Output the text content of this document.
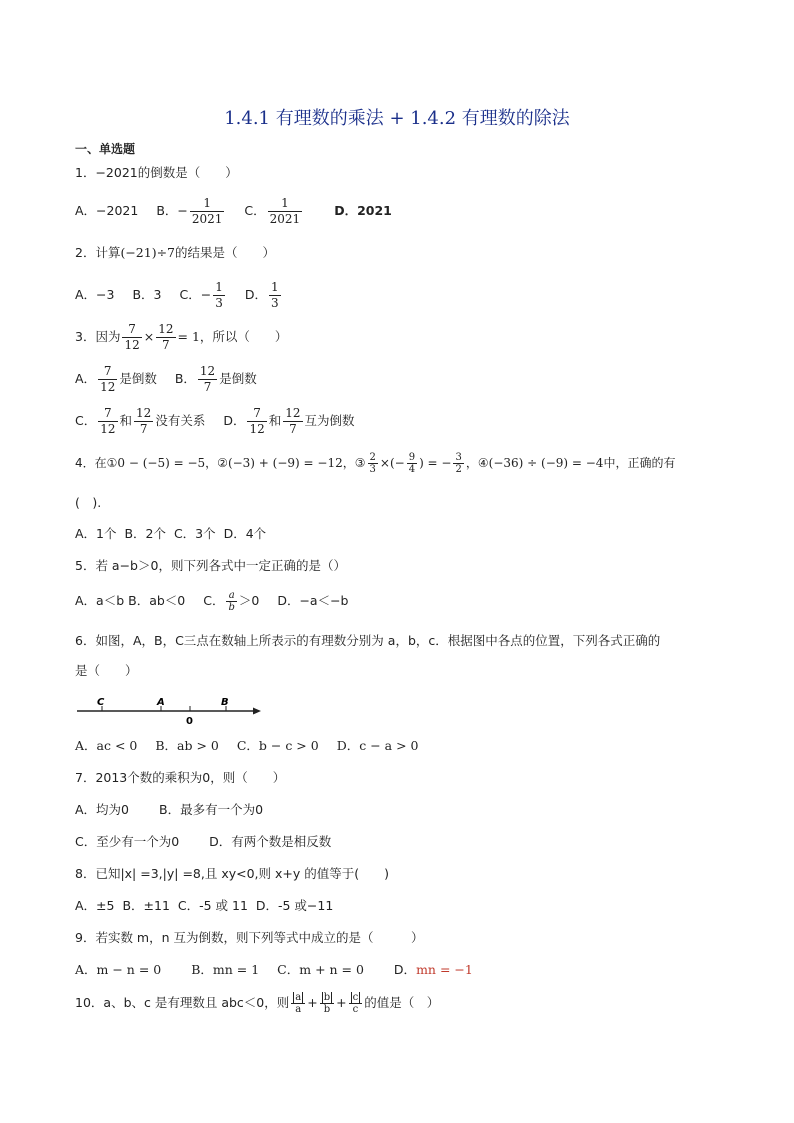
1.4.1 有理数的乘法 + 1.4.2 有理数的除法
一、单选题
1．−2021的倒数是（　　）
A．−2021 B．− $\frac{1}{2021}$ C． $\frac{1}{2021}$	D．2021
2．计算(−21)÷7的结果是（　　）
A．−3 B．3 C．− $\frac{1}{3}$ D． $\frac{1}{3}$
3．因为 $\frac{7}{12} \times \frac{12}{7} = 1$，所以（　　）
A． $\frac{7}{12}$ 是倒数 B． $\frac{12}{7}$ 是倒数
C． $\frac{7}{12}$ 和 $\frac{12}{7}$ 没有关系 D． $\frac{7}{12}$ 和 $\frac{12}{7}$ 互为倒数
4．在①0 − (−5) = −5，②(−3) + (−9) = −12，③ $\frac{2}{3}$ ×(− $\frac{9}{4}$ ) = − $\frac{3}{2}$ ，④(−36) ÷ (−9) = −4中，正确的有
(　).
A．1个 B．2个 C．3个 D．4个
5．若 a−b＞0，则下列各式中一定正确的是（）
A．a＜b B．ab＜0 C． $\frac{a}{b} >0$ D．−a＜−b
6．如图，A，B，C三点在数轴上所表示的有理数分别为 a，b，c．根据图中各点的位置，下列各式正确的
是（　　）
C	A	B
0
A．ac < 0 B．ab > 0 C．b − c > 0 D．c − a > 0
7．2013个数的乘积为0，则（　　）
A．均为0 B．最多有一个为0
C．至少有一个为0 D．有两个数是相反数
8．已知|x| =3,|y| =8,且 xy<0,则 x+y 的值等于(　　)
A．±5 B．±11 C．-5 或 11 D．-5 或−11
9．若实数 m，n 互为倒数，则下列等式中成立的是（　　　）
A．m − n = 0 B．mn = 1 C．m + n = 0 D．mn = −1
10．a、b、c 是有理数且 abc＜0，则 $\frac{a}{a} + \frac{b}{b} + \frac{c}{c}$ 的值是（　）
